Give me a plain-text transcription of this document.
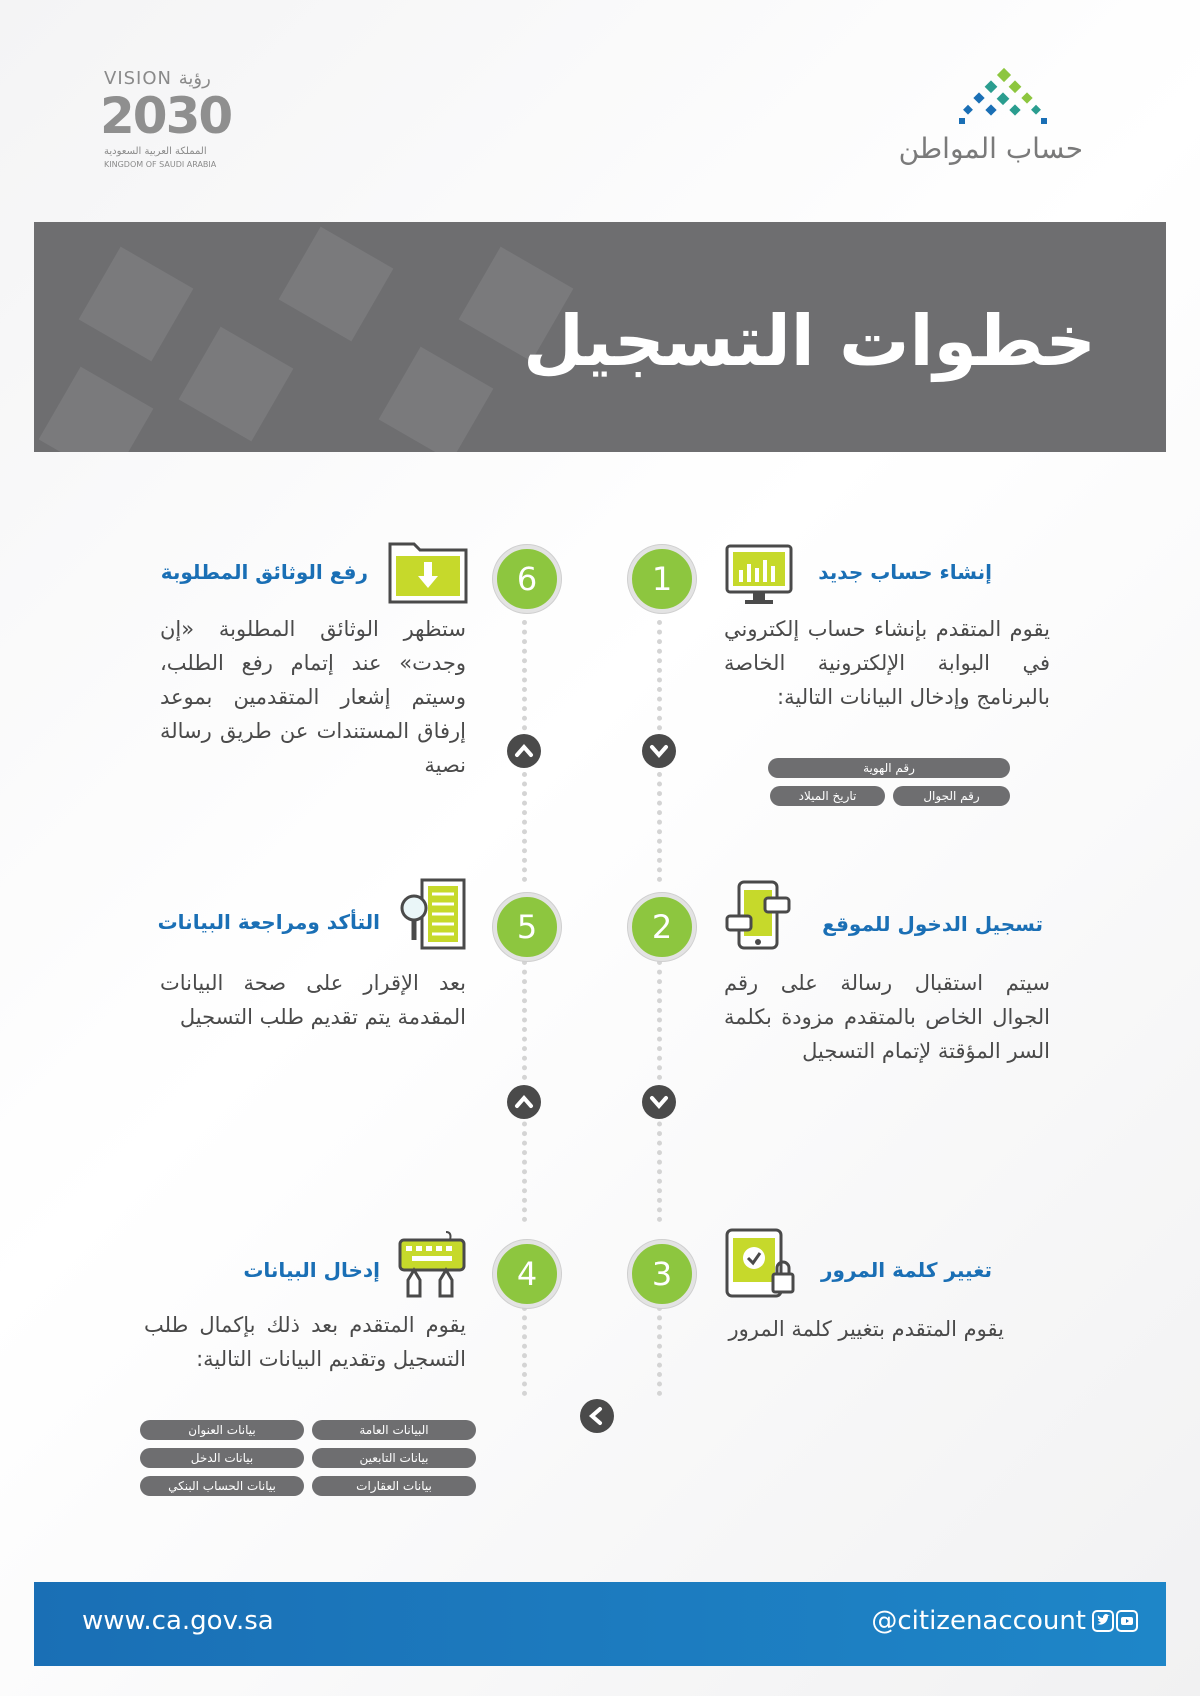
VISION رؤية
2030
المملكة العربية السعودية
KINGDOM OF SAUDI ARABIA	حساب المواطن
خطوات التسجيل
1
2
3
4
5
6	إنشاء حساب جديد
يقوم المتقدم بإنشاء حساب إلكتروني في البوابة الإلكترونية الخاصة بالبرنامج وإدخال البيانات التالية:
رقم الهوية
رقم الجوال
تاريخ الميلاد
تسجيل الدخول للموقع
سيتم استقبال رسالة على رقم الجوال الخاص بالمتقدم مزودة بكلمة السر المؤقتة لإتمام التسجيل
تغيير كلمة المرور
يقوم المتقدم بتغيير كلمة المرور
إدخال البيانات
يقوم المتقدم بعد ذلك بإكمال طلب التسجيل وتقديم البيانات التالية:
البيانات العامة
بيانات العنوان
بيانات التابعين
بيانات الدخل
بيانات العقارات
بيانات الحساب البنكي
التأكد ومراجعة البيانات
بعد الإقرار على صحة البيانات المقدمة يتم تقديم طلب التسجيل
رفع الوثائق المطلوبة
ستظهر الوثائق المطلوبة «إن وجدت» عند إتمام رفع الطلب، وسيتم إشعار المتقدمين بموعد إرفاق المستندات عن طريق رسالة نصية
www.ca.gov.sa	@citizenaccount
